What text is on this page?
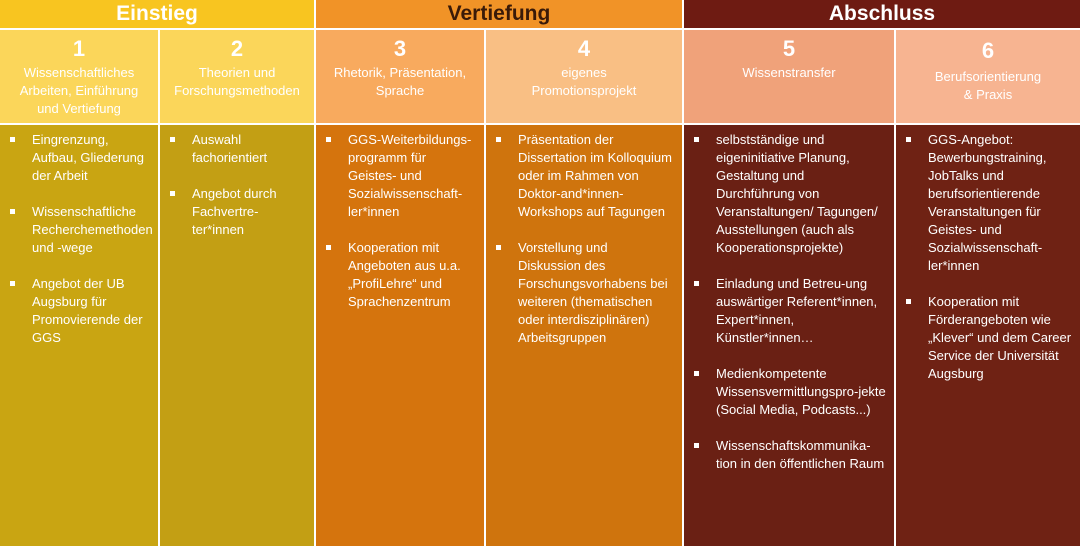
Einstieg	Vertiefung	Abschluss
1
Wissenschaftliches Arbeiten, Einführung und Vertiefung
Eingrenzung, Aufbau, Gliederung der Arbeit
Wissenschaftliche Recherchemethoden und -wege
Angebot der UB Augsburg für Promovierende der GGS
2
Theorien und Forschungsmethoden
Auswahl fachorientiert
Angebot durch Fachvertre-ter*innen
3
Rhetorik, Präsentation, Sprache
GGS-Weiterbildungs-programm für Geistes- und Sozialwissenschaft-ler*innen
Kooperation mit Angeboten aus u.a. „ProfiLehre“ und Sprachenzentrum
4
eigenes Promotionsprojekt
Präsentation der Dissertation im Kolloquium oder im Rahmen von Doktor-and*innen-Workshops auf Tagungen
Vorstellung und Diskussion des Forschungsvorhabens bei weiteren (thematischen oder interdisziplinären) Arbeitsgruppen
5
Wissenstransfer
selbstständige und eigeninitiative Planung, Gestaltung und Durchführung von Veranstaltungen/ Tagungen/ Ausstellungen (auch als Kooperationsprojekte)
Einladung und Betreu-ung auswärtiger Referent*innen, Expert*innen, Künstler*innen…
Medienkompetente Wissensvermittlungspro-jekte (Social Media, Podcasts...)
Wissenschaftskommunika-tion in den öffentlichen Raum
6
Berufsorientierung & Praxis
GGS-Angebot: Bewerbungstraining, JobTalks und berufsorientierende Veranstaltungen für Geistes- und Sozialwissenschaft-ler*innen
Kooperation mit Förderangeboten wie „Klever“ und dem Career Service der Universität Augsburg
